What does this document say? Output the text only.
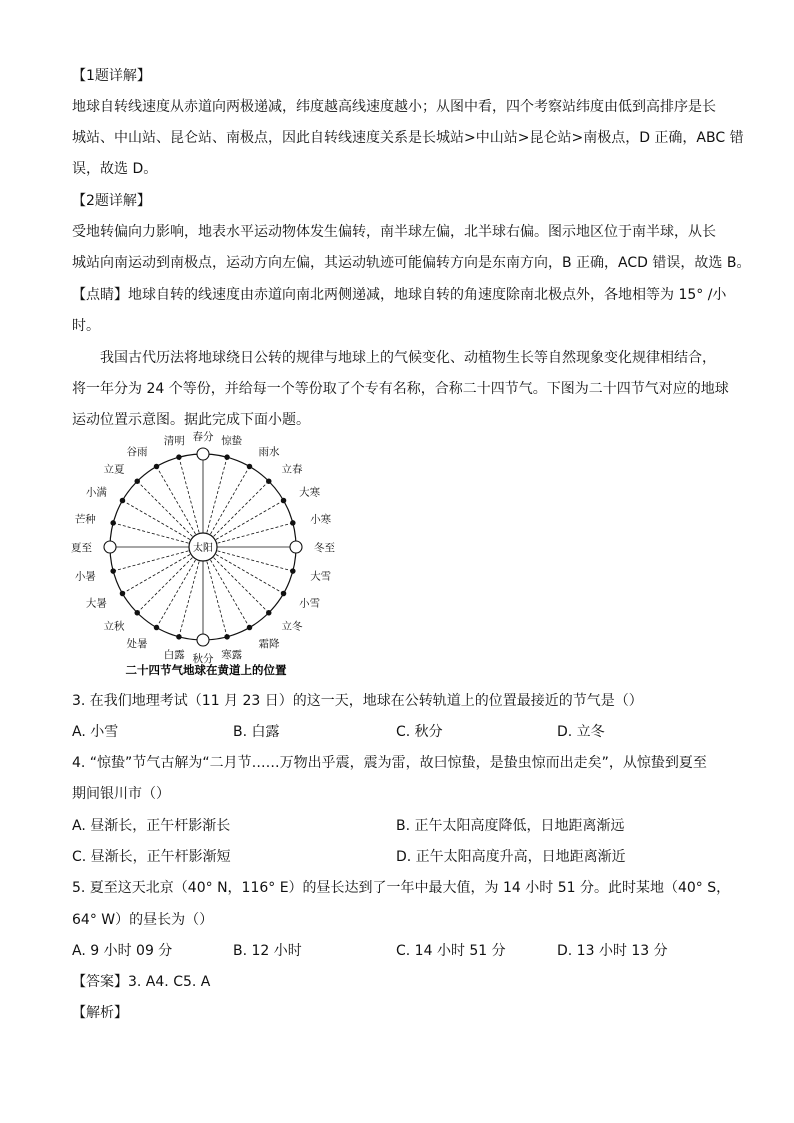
【1题详解】
地球自转线速度从赤道向两极递减，纬度越高线速度越小；从图中看，四个考察站纬度由低到高排序是长
城站、中山站、昆仑站、南极点，因此自转线速度关系是长城站>中山站>昆仑站>南极点，D 正确，ABC 错
误，故选 D。
【2题详解】
受地转偏向力影响，地表水平运动物体发生偏转，南半球左偏，北半球右偏。图示地区位于南半球，从长
城站向南运动到南极点，运动方向左偏，其运动轨迹可能偏转方向是东南方向，B 正确，ACD 错误，故选 B。
【点睛】地球自转的线速度由赤道向南北两侧递减，地球自转的角速度除南北极点外，各地相等为 15° /小
时。
我国古代历法将地球绕日公转的规律与地球上的气候变化、动植物生长等自然现象变化规律相结合，
将一年分为 24 个等份，并给每一个等份取了个专有名称，合称二十四节气。下图为二十四节气对应的地球
运动位置示意图。据此完成下面小题。
太阳
春分 惊蛰
雨水
立春
大寒
小寒
冬至
大雪
小雪
立冬
霜降
寒露
秋分
白露
处暑
立秋
大暑
小暑
夏至
芒种
小满
立夏
谷雨
清明
二十四节气地球在黄道上的位置
3. 在我们地理考试（11 月 23 日）的这一天，地球在公转轨道上的位置最接近的节气是（）
A. 小雪	B. 白露	C. 秋分	D. 立冬
4. “惊蛰”节气古解为“二月节……万物出乎震，震为雷，故曰惊蛰，是蛰虫惊而出走矣”，从惊蛰到夏至
期间银川市（）
A. 昼渐长，正午杆影渐长	B. 正午太阳高度降低，日地距离渐远
C. 昼渐长，正午杆影渐短	D. 正午太阳高度升高，日地距离渐近
5. 夏至这天北京（40° N，116° E）的昼长达到了一年中最大值，为 14 小时 51 分。此时某地（40° S，
64° W）的昼长为（）
A. 9 小时 09 分	B. 12 小时	C. 14 小时 51 分	D. 13 小时 13 分
【答案】3. A4. C5. A
【解析】
